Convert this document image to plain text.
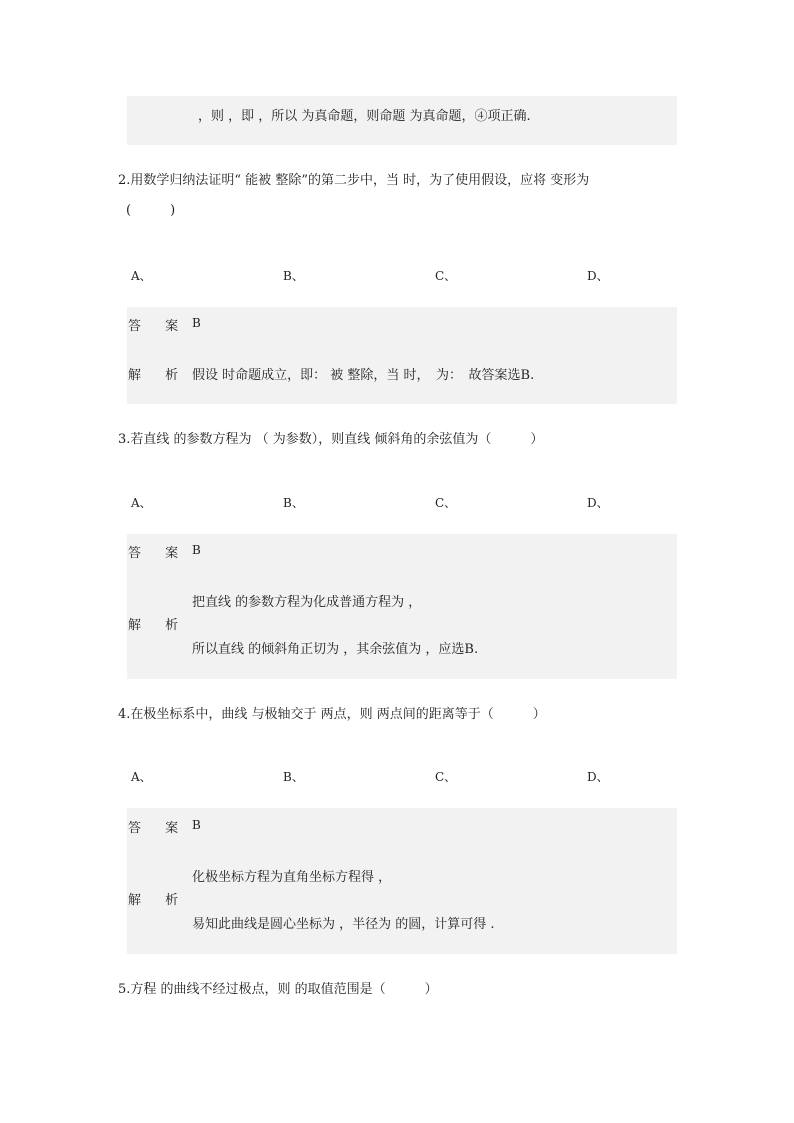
，则 ，即 ，所以 为真命题，则命题 为真命题，④项正确.
2.用数学归纳法证明“ 能被 整除”的第二步中，当 时，为了使用假设，应将 变形为
(　　　)
A、	B、	C、	D、
答 案 B
解 析 假设 时命题成立，即： 被 整除，当 时，　为：　故答案选B.
3.若直线 的参数方程为 （ 为参数），则直线 倾斜角的余弦值为（　　　）
A、	B、	C、	D、
答 案 B
把直线 的参数方程为化成普通方程为 ，
解 析
所以直线 的倾斜角正切为 ，其余弦值为 ，应选B.
4.在极坐标系中，曲线 与极轴交于 两点，则 两点间的距离等于（　　　）
A、	B、	C、	D、
答 案 B
化极坐标方程为直角坐标方程得 ，
解 析
易知此曲线是圆心坐标为 ，半径为 的圆，计算可得 .
5.方程 的曲线不经过极点，则 的取值范围是（　　　）
